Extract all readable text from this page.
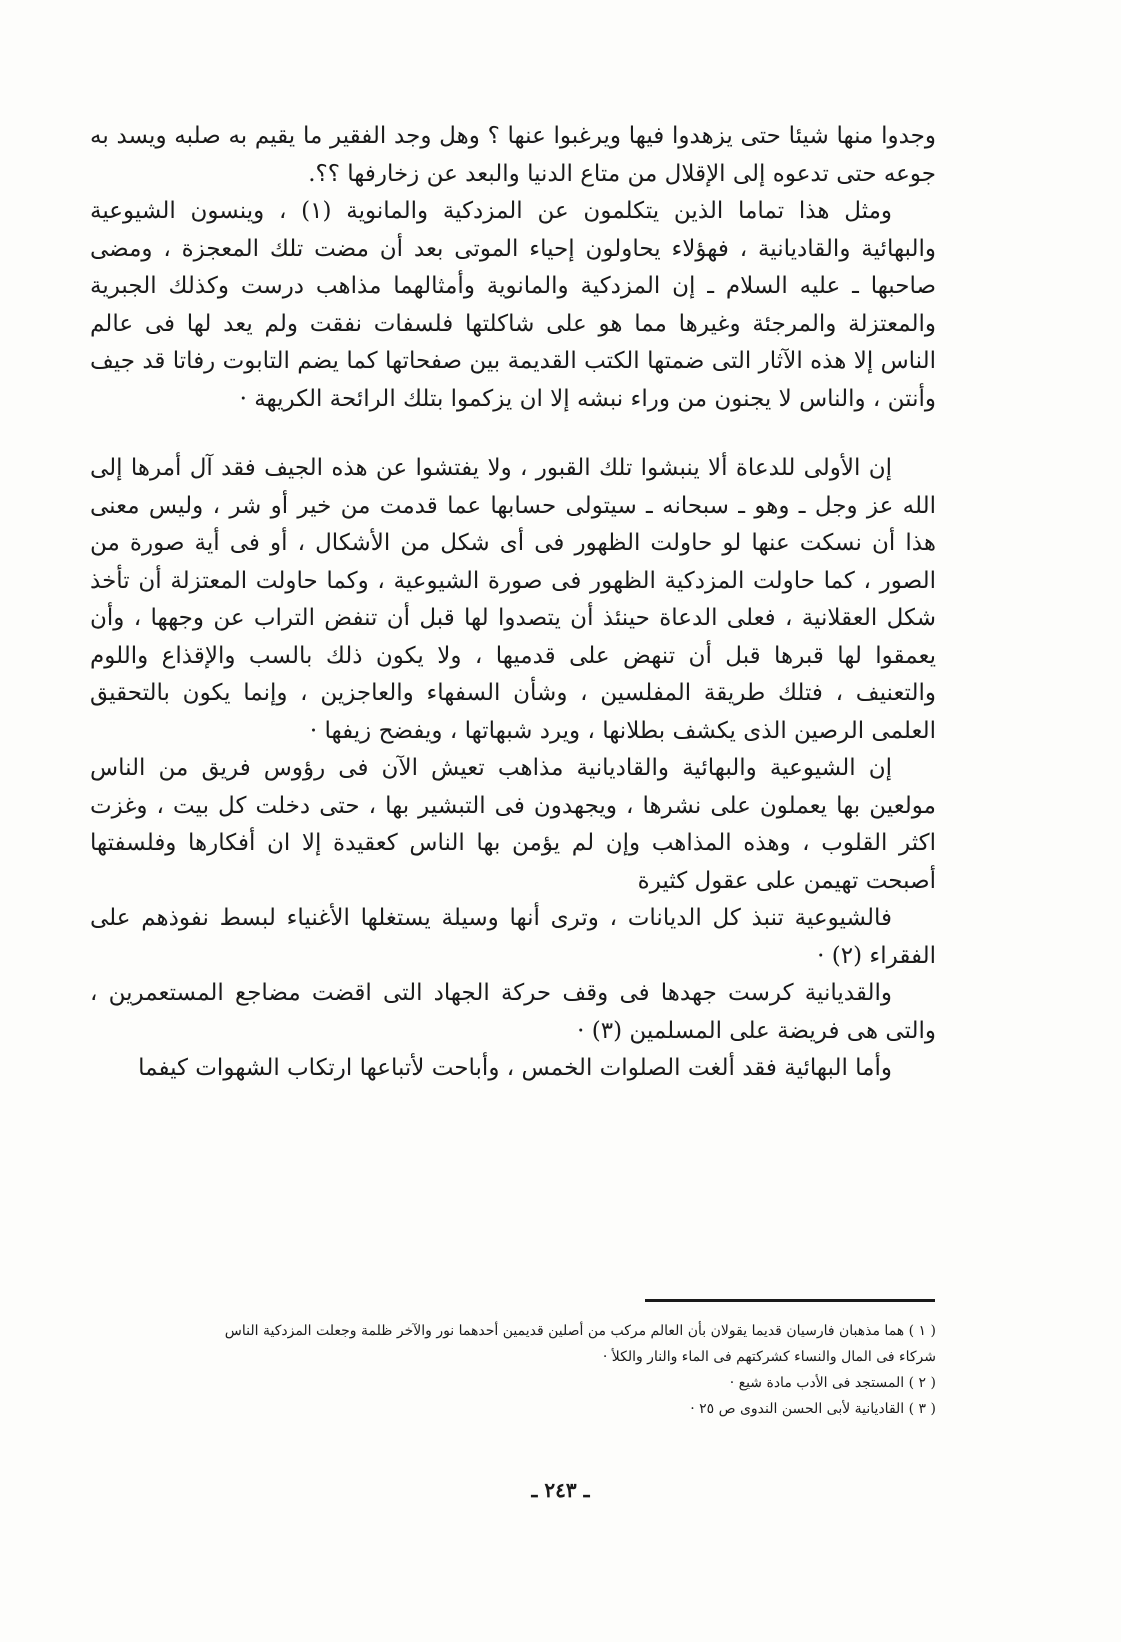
وجدوا منها شيئا حتى يزهدوا فيها ويرغبوا عنها ؟ وهل وجد الفقير ما يقيم به صلبه ويسد به جوعه حتى تدعوه إلى الإقلال من متاع الدنيا والبعد عن زخارفها ؟؟.

ومثل هذا تماما الذين يتكلمون عن المزدكية والمانوية (١) ، وينسون الشيوعية والبهائية والقاديانية ، فهؤلاء يحاولون إحياء الموتى بعد أن مضت تلك المعجزة ، ومضى صاحبها ـ عليه السلام ـ إن المزدكية والمانوية وأمثالهما مذاهب درست وكذلك الجبرية والمعتزلة والمرجئة وغيرها مما هو على شاكلتها فلسفات نفقت ولم يعد لها فى عالم الناس إلا هذه الآثار التى ضمتها الكتب القديمة بين صفحاتها كما يضم التابوت رفاتا قد جيف وأنتن ، والناس لا يجنون من وراء نبشه إلا ان يزكموا بتلك الرائحة الكريهة ·

إن الأولى للدعاة ألا ينبشوا تلك القبور ، ولا يفتشوا عن هذه الجيف فقد آل أمرها إلى الله عز وجل ـ وهو ـ سبحانه ـ سيتولى حسابها عما قدمت من خير أو شر ، وليس معنى هذا أن نسكت عنها لو حاولت الظهور فى أى شكل من الأشكال ، أو فى أية صورة من الصور ، كما حاولت المزدكية الظهور فى صورة الشيوعية ، وكما حاولت المعتزلة أن تأخذ شكل العقلانية ، فعلى الدعاة حينئذ أن يتصدوا لها قبل أن تنفض التراب عن وجهها ، وأن يعمقوا لها قبرها قبل أن تنهض على قدميها ، ولا يكون ذلك بالسب والإقذاع واللوم والتعنيف ، فتلك طريقة المفلسين ، وشأن السفهاء والعاجزين ، وإنما يكون بالتحقيق العلمى الرصين الذى يكشف بطلانها ، ويرد شبهاتها ، ويفضح زيفها ·

إن الشيوعية والبهائية والقاديانية مذاهب تعيش الآن فى رؤوس فريق من الناس مولعين بها يعملون على نشرها ، ويجهدون فى التبشير بها ، حتى دخلت كل بيت ، وغزت اكثر القلوب ، وهذه المذاهب وإن لم يؤمن بها الناس كعقيدة إلا ان أفكارها وفلسفتها أصبحت تهيمن على عقول كثيرة

فالشيوعية تنبذ كل الديانات ، وترى أنها وسيلة يستغلها الأغنياء لبسط نفوذهم على الفقراء (٢) ·

والقديانية كرست جهدها فى وقف حركة الجهاد التى اقضت مضاجع المستعمرين ، والتى هى فريضة على المسلمين (٣) ·

وأما البهائية فقد ألغت الصلوات الخمس ، وأباحت لأتباعها ارتكاب الشهوات كيفما

( ١ ) هما مذهبان فارسيان قديما يقولان بأن العالم مركب من أصلين قديمين أحدهما نور والآخر ظلمة وجعلت المزدكية الناس شركاء فى المال والنساء كشركتهم فى الماء والنار والكلأ ·

( ٢ ) المستجد فى الأدب مادة شيع ·

( ٣ ) القاديانية لأبى الحسن الندوى ص ٢٥ ·

ـ ٢٤٣ ـ
